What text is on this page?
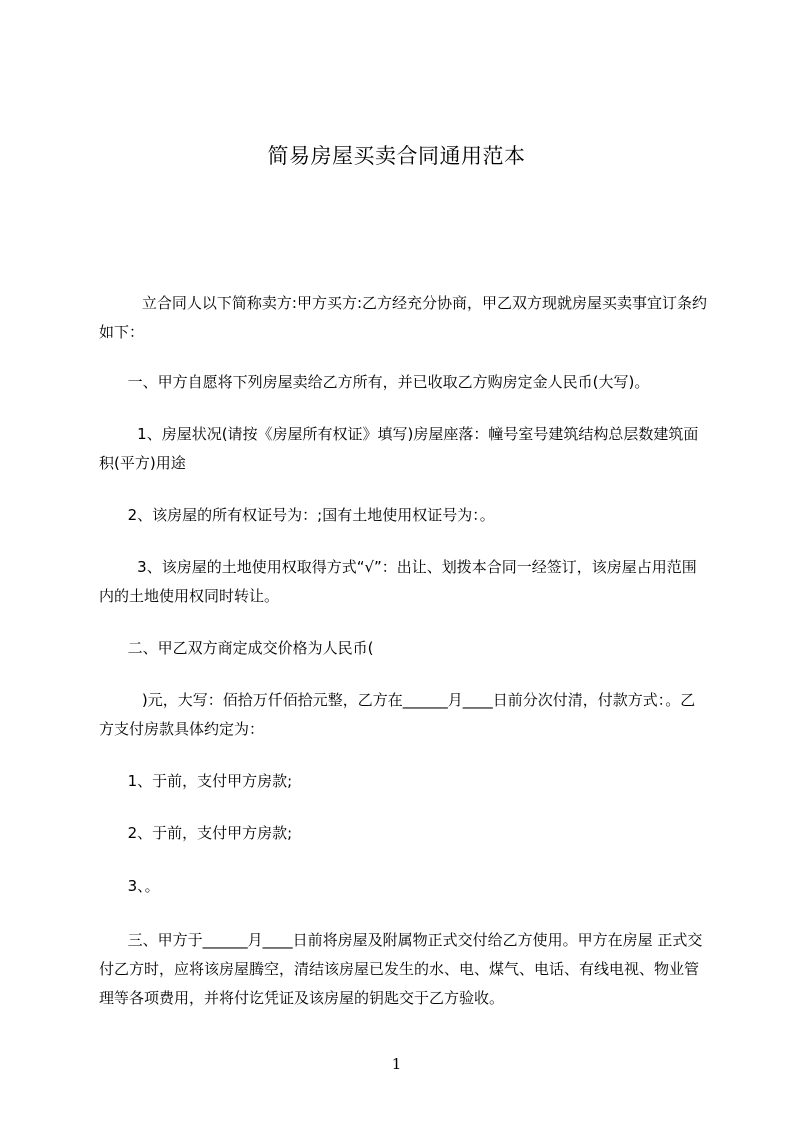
简易房屋买卖合同通用范本

立合同人以下简称卖方:甲方买方:乙方经充分协商，甲乙双方现就房屋买卖事宜订条约如下：

一、甲方自愿将下列房屋卖给乙方所有，并已收取乙方购房定金人民币(大写)。

1、房屋状况(请按《房屋所有权证》填写)房屋座落：幢号室号建筑结构总层数建筑面积(平方)用途

2、该房屋的所有权证号为：;国有土地使用权证号为：。

3、该房屋的土地使用权取得方式“√”：出让、划拨本合同一经签订，该房屋占用范围内的土地使用权同时转让。

二、甲乙双方商定成交价格为人民币(

)元，大写：佰拾万仟佰拾元整，乙方在______月____日前分次付清，付款方式：。乙方支付房款具体约定为：

1、于前，支付甲方房款;

2、于前，支付甲方房款;

3、。

三、甲方于______月____日前将房屋及附属物正式交付给乙方使用。甲方在房屋 正式交付乙方时，应将该房屋腾空，清结该房屋已发生的水、电、煤气、电话、有线电视、物业管理等各项费用，并将付讫凭证及该房屋的钥匙交于乙方验收。

1
